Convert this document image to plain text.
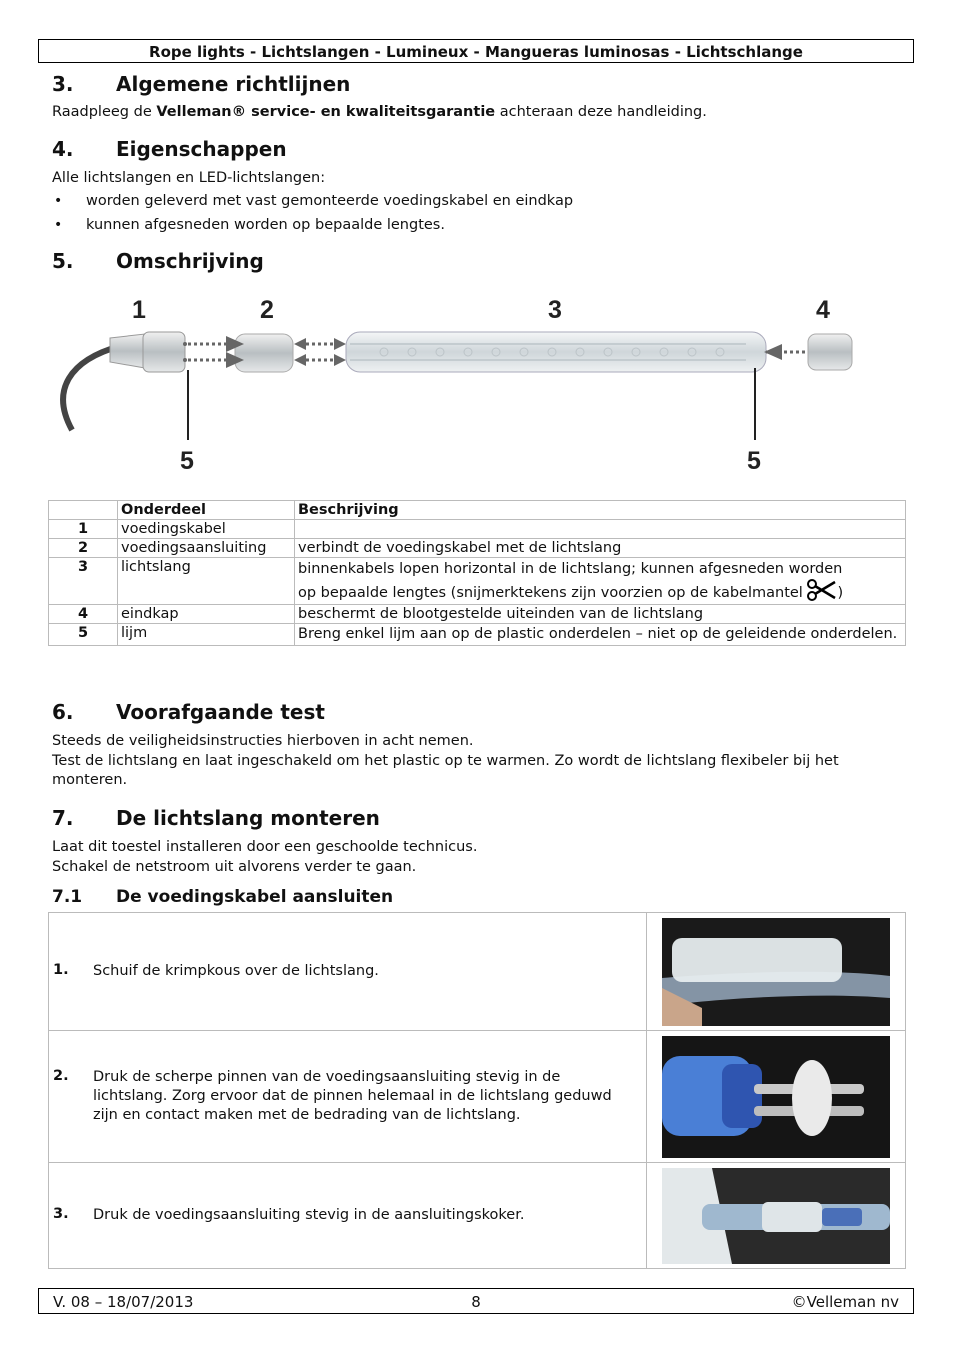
Rope lights - Lichtslangen - Lumineux - Mangueras luminosas - Lichtschlange
3. Algemene richtlijnen
Raadpleeg de Velleman® service- en kwaliteitsgarantie achteraan deze handleiding.
4. Eigenschappen
Alle lichtslangen en LED-lichtslangen:
• worden geleverd met vast gemonteerde voedingskabel en eindkap
• kunnen afgesneden worden op bepaalde lengtes.
5. Omschrijving
1	2	3	4
5	5
	Onderdeel	Beschrijving
1	voedingskabel	
2	voedingsaansluiting	verbindt de voedingskabel met de lichtslang
3	lichtslang	binnenkabels lopen horizontal in de lichtslang; kunnen afgesneden worden
op bepaalde lengtes (snijmerktekens zijn voorzien op de kabelmantel )
4	eindkap	beschermt de blootgestelde uiteinden van de lichtslang
5	lijm	Breng enkel lijm aan op de plastic onderdelen – niet op de geleidende onderdelen.
6. Voorafgaande test
Steeds de veiligheidsinstructies hierboven in acht nemen.
Test de lichtslang en laat ingeschakeld om het plastic op te warmen. Zo wordt de lichtslang flexibeler bij het monteren.
7. De lichtslang monteren
Laat dit toestel installeren door een geschoolde technicus.
Schakel de netstroom uit alvorens verder te gaan.
7.1 De voedingskabel aansluiten
1. Schuif de krimpkous over de lichtslang.	

2. Druk de scherpe pinnen van de voedingsaansluiting stevig in de lichtslang. Zorg ervoor dat de pinnen helemaal in de lichtslang geduwd zijn en contact maken met de bedrading van de lichtslang.	

3. Druk de voedingsaansluiting stevig in de aansluitingskoker.	
V. 08 – 18/07/2013	8	©Velleman nv
